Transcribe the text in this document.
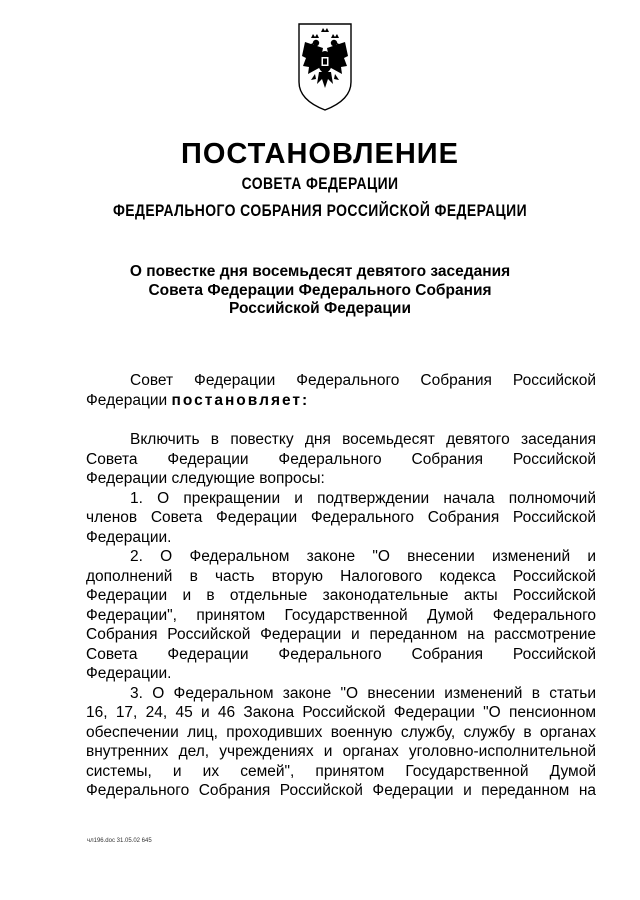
ПОСТАНОВЛЕНИЕ
СОВЕТА ФЕДЕРАЦИИ
ФЕДЕРАЛЬНОГО СОБРАНИЯ РОССИЙСКОЙ ФЕДЕРАЦИИ
О повестке дня восемьдесят девятого заседания
Совета Федерации Федерального Собрания
Российской Федерации
Совет Федерации Федерального Собрания Российской
Федерации постановляет:
Включить в повестку дня восемьдесят девятого заседания
Совета Федерации Федерального Собрания Российской
Федерации следующие вопросы:
1. О прекращении и подтверждении начала полномочий
членов Совета Федерации Федерального Собрания Российской
Федерации.
2. О Федеральном законе "О внесении изменений и
дополнений в часть вторую Налогового кодекса Российской
Федерации и в отдельные законодательные акты Российской
Федерации", принятом Государственной Думой Федерального
Собрания Российской Федерации и переданном на рассмотрение
Совета Федерации Федерального Собрания Российской
Федерации.
3. О Федеральном законе "О внесении изменений в статьи
16, 17, 24, 45 и 46 Закона Российской Федерации "О пенсионном
обеспечении лиц, проходивших военную службу, службу в органах
внутренних дел, учреждениях и органах уголовно-исполнительной
системы, и их семей", принятом Государственной Думой
Федерального Собрания Российской Федерации и переданном на
чл196.doc 31.05.02 645
